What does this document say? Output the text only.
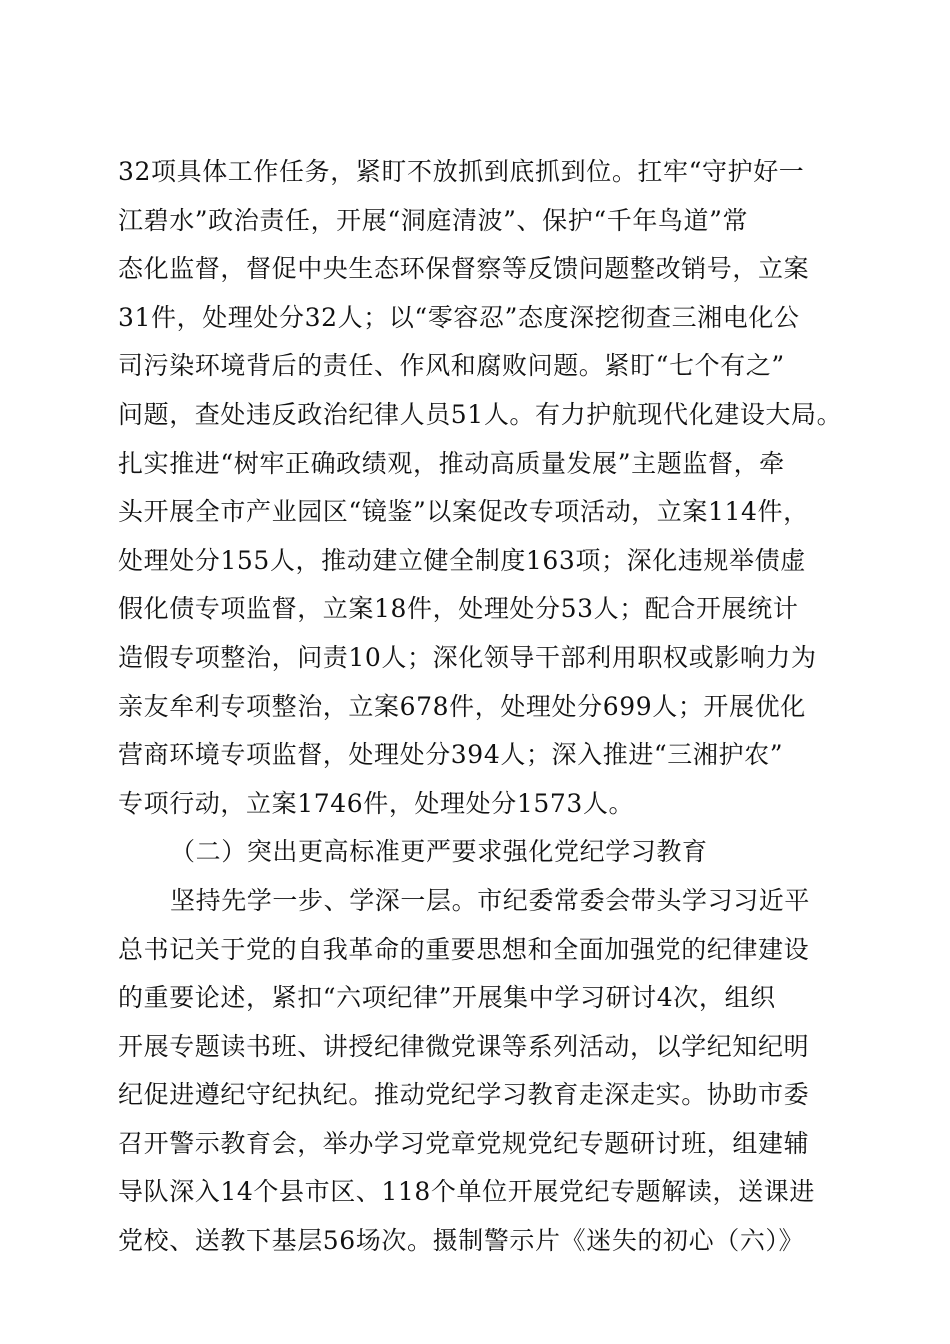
32项具体工作任务，紧盯不放抓到底抓到位。扛牢“守护好一
江碧水”政治责任，开展“洞庭清波”、保护“千年鸟道”常
态化监督，督促中央生态环保督察等反馈问题整改销号，立案
31件，处理处分32人；以“零容忍”态度深挖彻查三湘电化公
司污染环境背后的责任、作风和腐败问题。紧盯“七个有之”
问题，查处违反政治纪律人员51人。有力护航现代化建设大局。
扎实推进“树牢正确政绩观，推动高质量发展”主题监督，牵
头开展全市产业园区“镜鉴”以案促改专项活动，立案114件，
处理处分155人，推动建立健全制度163项；深化违规举债虚
假化债专项监督，立案18件，处理处分53人；配合开展统计
造假专项整治，问责10人；深化领导干部利用职权或影响力为
亲友牟利专项整治，立案678件，处理处分699人；开展优化
营商环境专项监督，处理处分394人；深入推进“三湘护农”
专项行动，立案1746件，处理处分1573人。
（二）突出更高标准更严要求强化党纪学习教育
坚持先学一步、学深一层。市纪委常委会带头学习习近平
总书记关于党的自我革命的重要思想和全面加强党的纪律建设
的重要论述，紧扣“六项纪律”开展集中学习研讨4次，组织
开展专题读书班、讲授纪律微党课等系列活动，以学纪知纪明
纪促进遵纪守纪执纪。推动党纪学习教育走深走实。协助市委
召开警示教育会，举办学习党章党规党纪专题研讨班，组建辅
导队深入14个县市区、118个单位开展党纪专题解读，送课进
党校、送教下基层56场次。摄制警示片《迷失的初心（六）》
